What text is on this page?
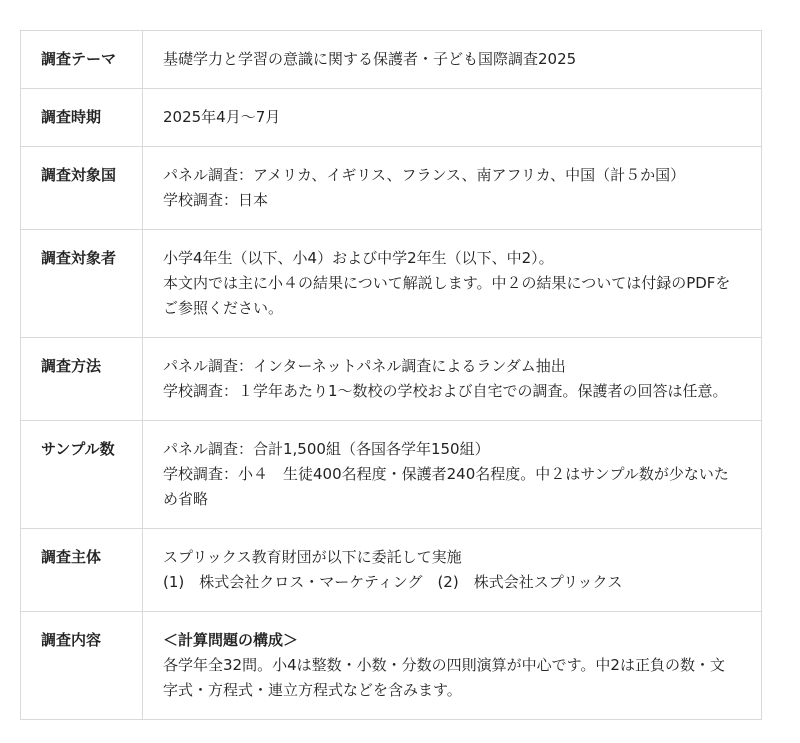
調査テーマ	基礎学力と学習の意識に関する保護者・子ども国際調査2025

調査時期	2025年4月〜7月

調査対象国	パネル調査：アメリカ、イギリス、フランス、南アフリカ、中国（計５か国）
学校調査：日本

調査対象者	小学4年生（以下、小4）および中学2年生（以下、中2）。
本文内では主に小４の結果について解説します。中２の結果については付録のPDFをご参照ください。

調査方法	パネル調査：インターネットパネル調査によるランダム抽出
学校調査：１学年あたり1〜数校の学校および自宅での調査。保護者の回答は任意。

サンプル数	パネル調査：合計1,500組（各国各学年150組）
学校調査：小４　生徒400名程度・保護者240名程度。中２はサンプル数が少ないため省略

調査主体	スプリックス教育財団が以下に委託して実施
(1)　株式会社クロス・マーケティング　(2)　株式会社スプリックス

調査内容	＜計算問題の構成＞
各学年全32問。小4は整数・小数・分数の四則演算が中心です。中2は正負の数・文字式・方程式・連立方程式などを含みます。
